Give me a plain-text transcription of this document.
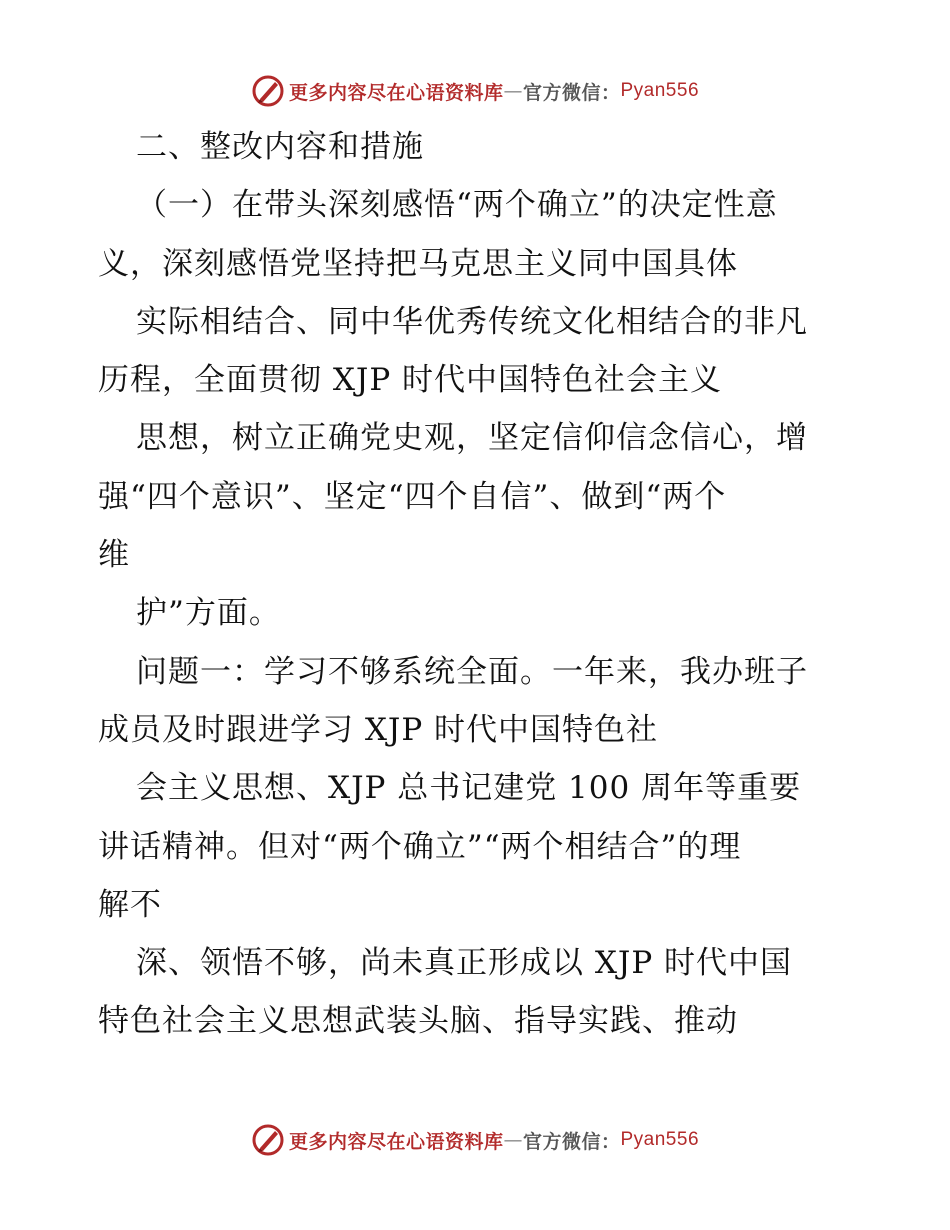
更多内容尽在心语资料库 — 官方微信： Pyan556
二、整改内容和措施
（一）在带头深刻感悟“两个确立”的决定性意
义，深刻感悟党坚持把马克思主义同中国具体
实际相结合、同中华优秀传统文化相结合的非凡
历程，全面贯彻 XJP 时代中国特色社会主义
思想，树立正确党史观，坚定信仰信念信心，增
强“四个意识”、坚定“四个自信”、做到“两个
维
护”方面。
问题一：学习不够系统全面。一年来，我办班子
成员及时跟进学习 XJP 时代中国特色社
会主义思想、XJP 总书记建党 100 周年等重要
讲话精神。但对“两个确立”“两个相结合”的理
解不
深、领悟不够，尚未真正形成以 XJP 时代中国
特色社会主义思想武装头脑、指导实践、推动
更多内容尽在心语资料库 — 官方微信： Pyan556
